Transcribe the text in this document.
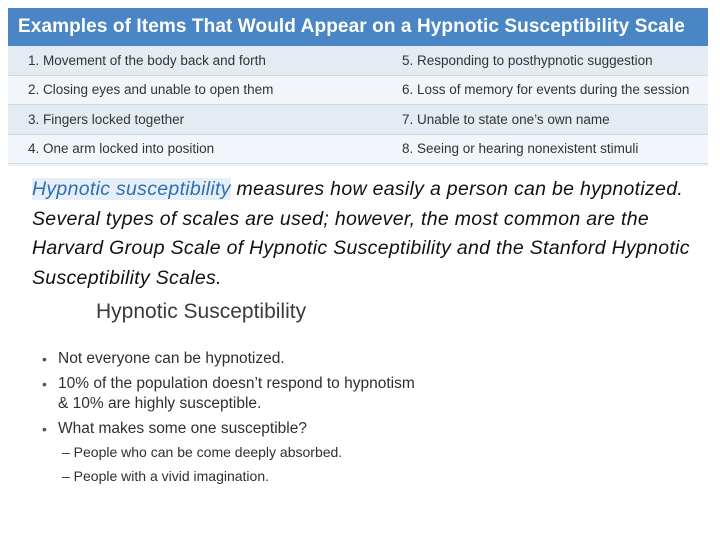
Examples of Items That Would Appear on a Hypnotic Susceptibility Scale
1. Movement of the body back and forth	5. Responding to posthypnotic suggestion
2. Closing eyes and unable to open them	6. Loss of memory for events during the session
3. Fingers locked together	7. Unable to state one’s own name
4. One arm locked into position	8. Seeing or hearing nonexistent stimuli

Hypnotic susceptibility measures how easily a person can be hypnotized. Several types of scales are used; however, the most common are the Harvard Group Scale of Hypnotic Susceptibility and the Stanford Hypnotic Susceptibility Scales.

Hypnotic Susceptibility
• Not everyone can be hypnotized.
• 10% of the population doesn’t respond to hypnotism & 10% are highly susceptible.
• What makes some one susceptible?
– People who can be come deeply absorbed.
– People with a vivid imagination.
